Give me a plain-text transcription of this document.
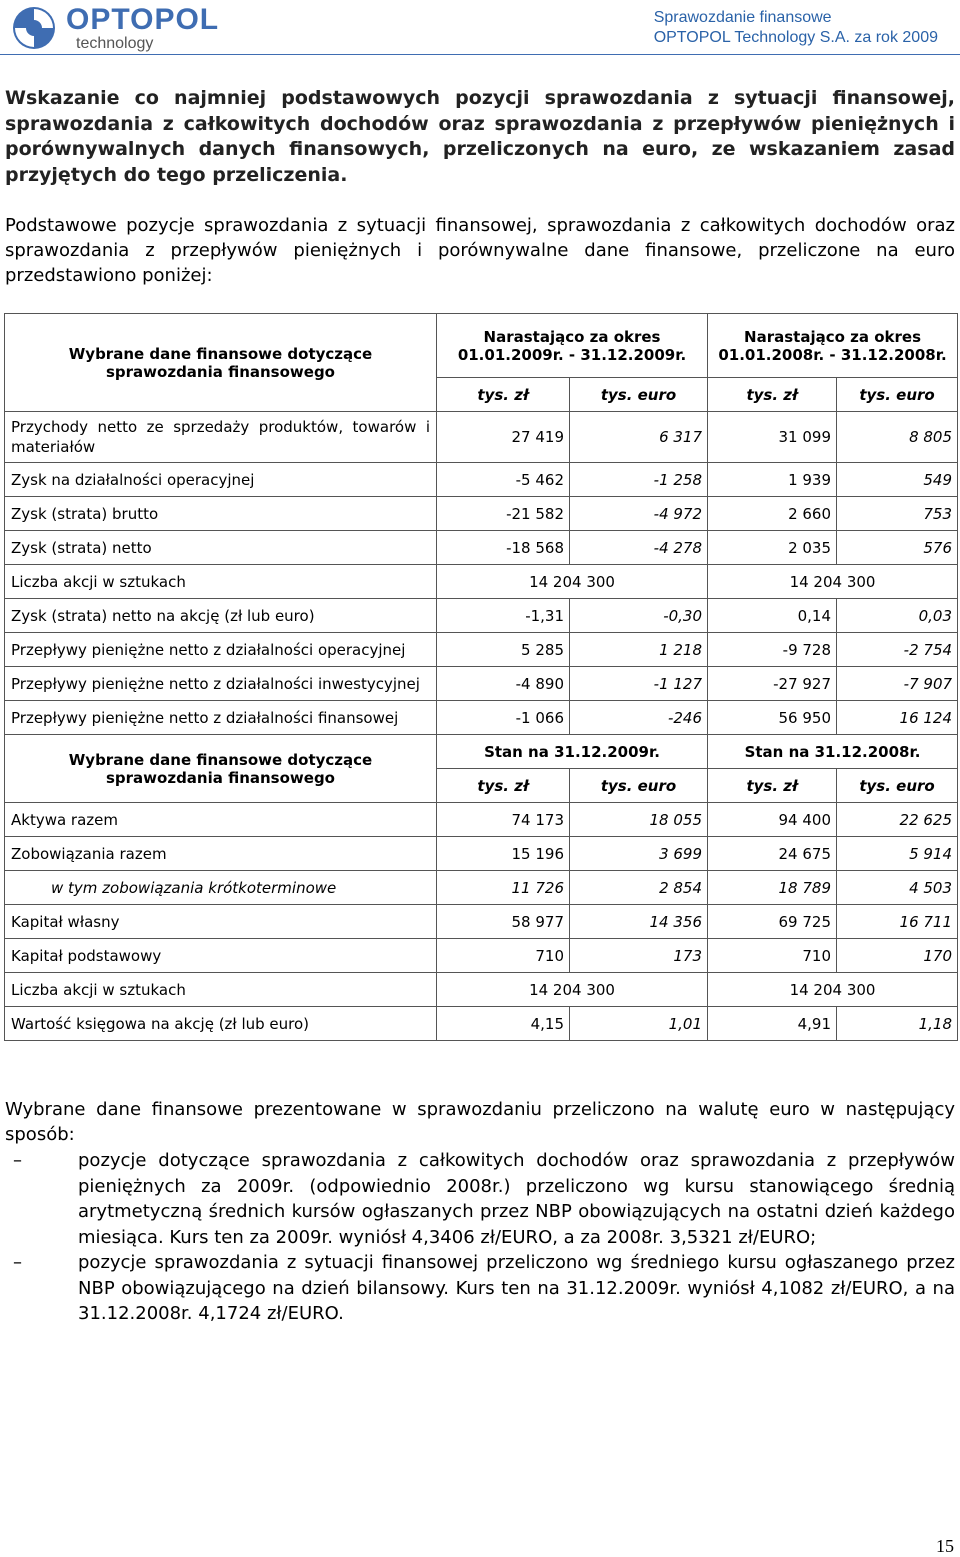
OPTOPOL
technology
Sprawozdanie finansowe
OPTOPOL Technology S.A. za rok 2009
Wskazanie co najmniej podstawowych pozycji sprawozdania z sytuacji finansowej, sprawozdania z całkowitych dochodów oraz sprawozdania z przepływów pieniężnych i porównywalnych danych finansowych, przeliczonych na euro, ze wskazaniem zasad przyjętych do tego przeliczenia.
Podstawowe pozycje sprawozdania z sytuacji finansowej, sprawozdania z całkowitych dochodów oraz sprawozdania z przepływów pieniężnych i porównywalne dane finansowe, przeliczone na euro przedstawiono poniżej:
Wybrane dane finansowe dotyczące sprawozdania finansowego	Narastająco za okres 01.01.2009r. - 31.12.2009r.		Narastająco za okres 01.01.2008r. - 31.12.2008r.	
	tys. zł	tys. euro	tys. zł	tys. euro
Przychody netto ze sprzedaży produktów, towarów i materiałów	27 419	6 317	31 099	8 805
Zysk na działalności operacyjnej	-5 462	-1 258	1 939	549
Zysk (strata) brutto	-21 582	-4 972	2 660	753
Zysk (strata) netto	-18 568	-4 278	2 035	576
Liczba akcji w sztukach	14 204 300		14 204 300	
Zysk (strata) netto na akcję (zł lub euro)	-1,31	-0,30	0,14	0,03
Przepływy pieniężne netto z działalności operacyjnej	5 285	1 218	-9 728	-2 754
Przepływy pieniężne netto z działalności inwestycyjnej	-4 890	-1 127	-27 927	-7 907
Przepływy pieniężne netto z działalności finansowej	-1 066	-246	56 950	16 124
Wybrane dane finansowe dotyczące sprawozdania finansowego	Stan na 31.12.2009r.		Stan na 31.12.2008r.	
	tys. zł	tys. euro	tys. zł	tys. euro
Aktywa razem	74 173	18 055	94 400	22 625
Zobowiązania razem	15 196	3 699	24 675	5 914
w tym zobowiązania krótkoterminowe	11 726	2 854	18 789	4 503
Kapitał własny	58 977	14 356	69 725	16 711
Kapitał podstawowy	710	173	710	170
Liczba akcji w sztukach	14 204 300		14 204 300	
Wartość księgowa na akcję (zł lub euro)	4,15	1,01	4,91	1,18
Wybrane dane finansowe prezentowane w sprawozdaniu przeliczono na walutę euro w następujący sposób:
–	pozycje dotyczące sprawozdania z całkowitych dochodów oraz sprawozdania z przepływów pieniężnych za 2009r. (odpowiednio 2008r.) przeliczono wg kursu stanowiącego średnią arytmetyczną średnich kursów ogłaszanych przez NBP obowiązujących na ostatni dzień każdego miesiąca. Kurs ten za 2009r. wyniósł 4,3406 zł/EURO, a za 2008r. 3,5321 zł/EURO;
–	pozycje sprawozdania z sytuacji finansowej przeliczono wg średniego kursu ogłaszanego przez NBP obowiązującego na dzień bilansowy. Kurs ten na 31.12.2009r. wyniósł 4,1082 zł/EURO, a na 31.12.2008r. 4,1724 zł/EURO.
15
